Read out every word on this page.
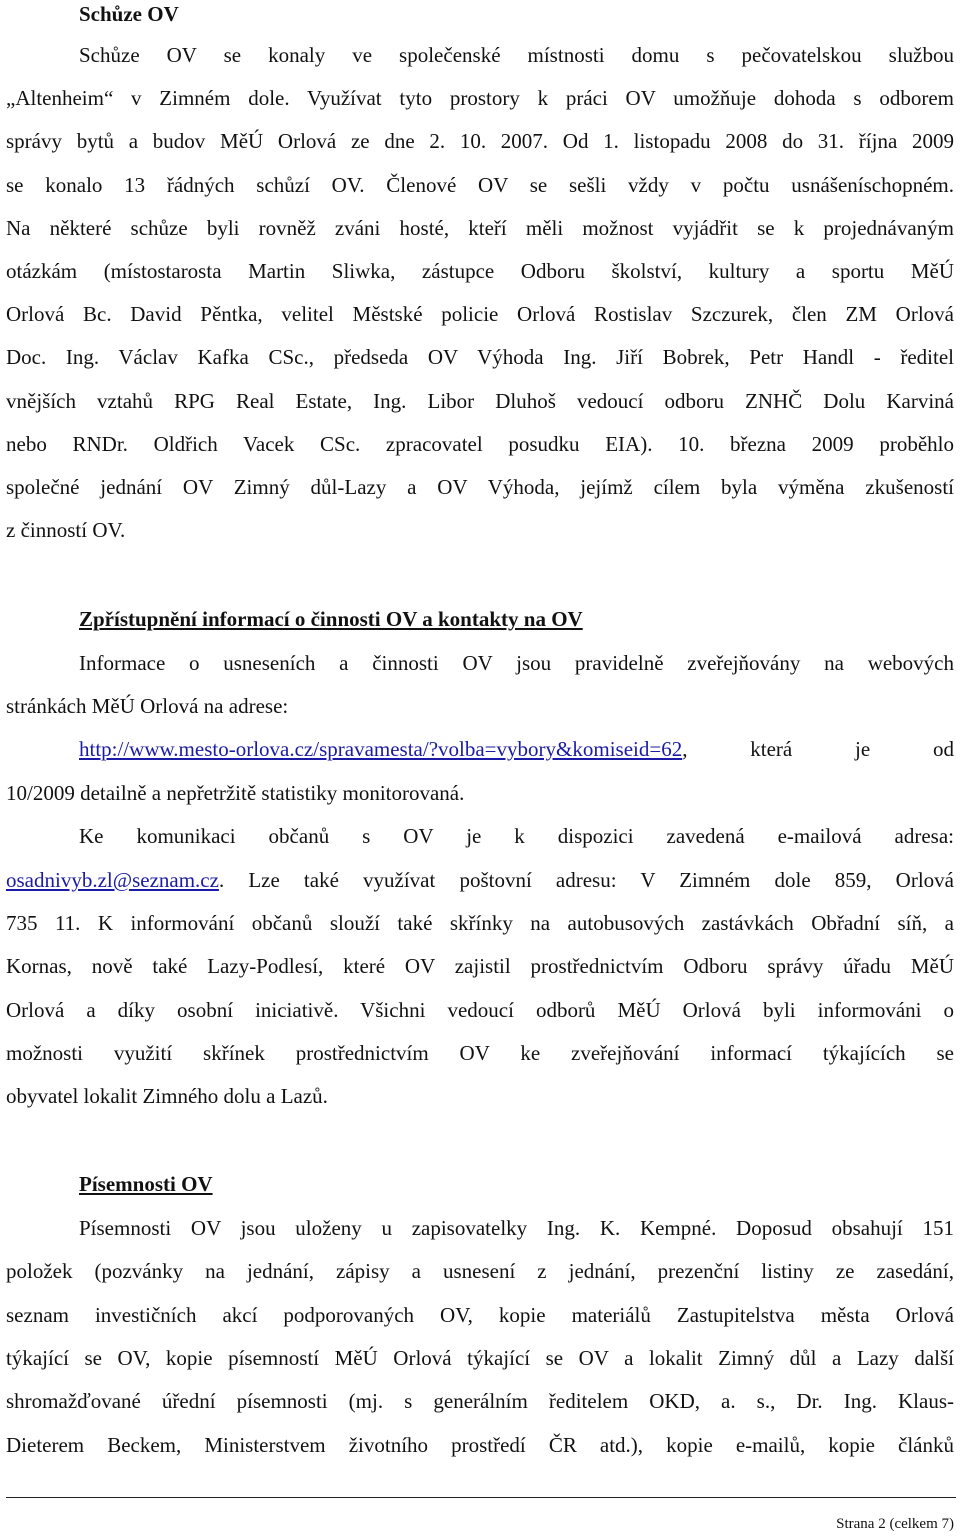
Schůze OV
Schůze OV se konaly ve společenské místnosti domu s pečovatelskou službou
„Altenheim“ v Zimném dole. Využívat tyto prostory k práci OV umožňuje dohoda s odborem
správy bytů a budov MěÚ Orlová ze dne 2. 10. 2007. Od 1. listopadu 2008 do 31. října 2009
se konalo 13 řádných schůzí OV. Členové OV se sešli vždy v počtu usnášeníschopném.
Na některé schůze byli rovněž zváni hosté, kteří měli možnost vyjádřit se k projednávaným
otázkám (místostarosta Martin Sliwka, zástupce Odboru školství, kultury a sportu MěÚ
Orlová Bc. David Pěntka, velitel Městské policie Orlová Rostislav Szczurek, člen ZM Orlová
Doc. Ing. Václav Kafka CSc., předseda OV Výhoda Ing. Jiří Bobrek, Petr Handl - ředitel
vnějších vztahů RPG Real Estate, Ing. Libor Dluhoš vedoucí odboru ZNHČ Dolu Karviná
nebo RNDr. Oldřich Vacek CSc. zpracovatel posudku EIA). 10. března 2009 proběhlo
společné jednání OV Zimný důl-Lazy a OV Výhoda, jejímž cílem byla výměna zkušeností
z činností OV.
Zpřístupnění informací o činnosti OV a kontakty na OV
Informace o usneseních a činnosti OV jsou pravidelně zveřejňovány na webových
stránkách MěÚ Orlová na adrese:
http://www.mesto-orlova.cz/spravamesta/?volba=vybory&komiseid=62, která je od
10/2009 detailně a nepřetržitě statistiky monitorovaná.
Ke komunikaci občanů s OV je k dispozici zavedená e-mailová adresa:
osadnivyb.zl@seznam.cz. Lze také využívat poštovní adresu: V Zimném dole 859, Orlová
735 11. K informování občanů slouží také skřínky na autobusových zastávkách Obřadní síň, a
Kornas, nově také Lazy-Podlesí, které OV zajistil prostřednictvím Odboru správy úřadu MěÚ
Orlová a díky osobní iniciativě. Všichni vedoucí odborů MěÚ Orlová byli informováni o
možnosti využití skřínek prostřednictvím OV ke zveřejňování informací týkajících se
obyvatel lokalit Zimného dolu a Lazů.
Písemnosti OV
Písemnosti OV jsou uloženy u zapisovatelky Ing. K. Kempné. Doposud obsahují 151
položek (pozvánky na jednání, zápisy a usnesení z jednání, prezenční listiny ze zasedání,
seznam investičních akcí podporovaných OV, kopie materiálů Zastupitelstva města Orlová
týkající se OV, kopie písemností MěÚ Orlová týkající se OV a lokalit Zimný důl a Lazy další
shromažďované úřední písemnosti (mj. s generálním ředitelem OKD, a. s., Dr. Ing. Klaus-
Dieterem Beckem, Ministerstvem životního prostředí ČR atd.), kopie e-mailů, kopie článků
Strana 2 (celkem 7)
